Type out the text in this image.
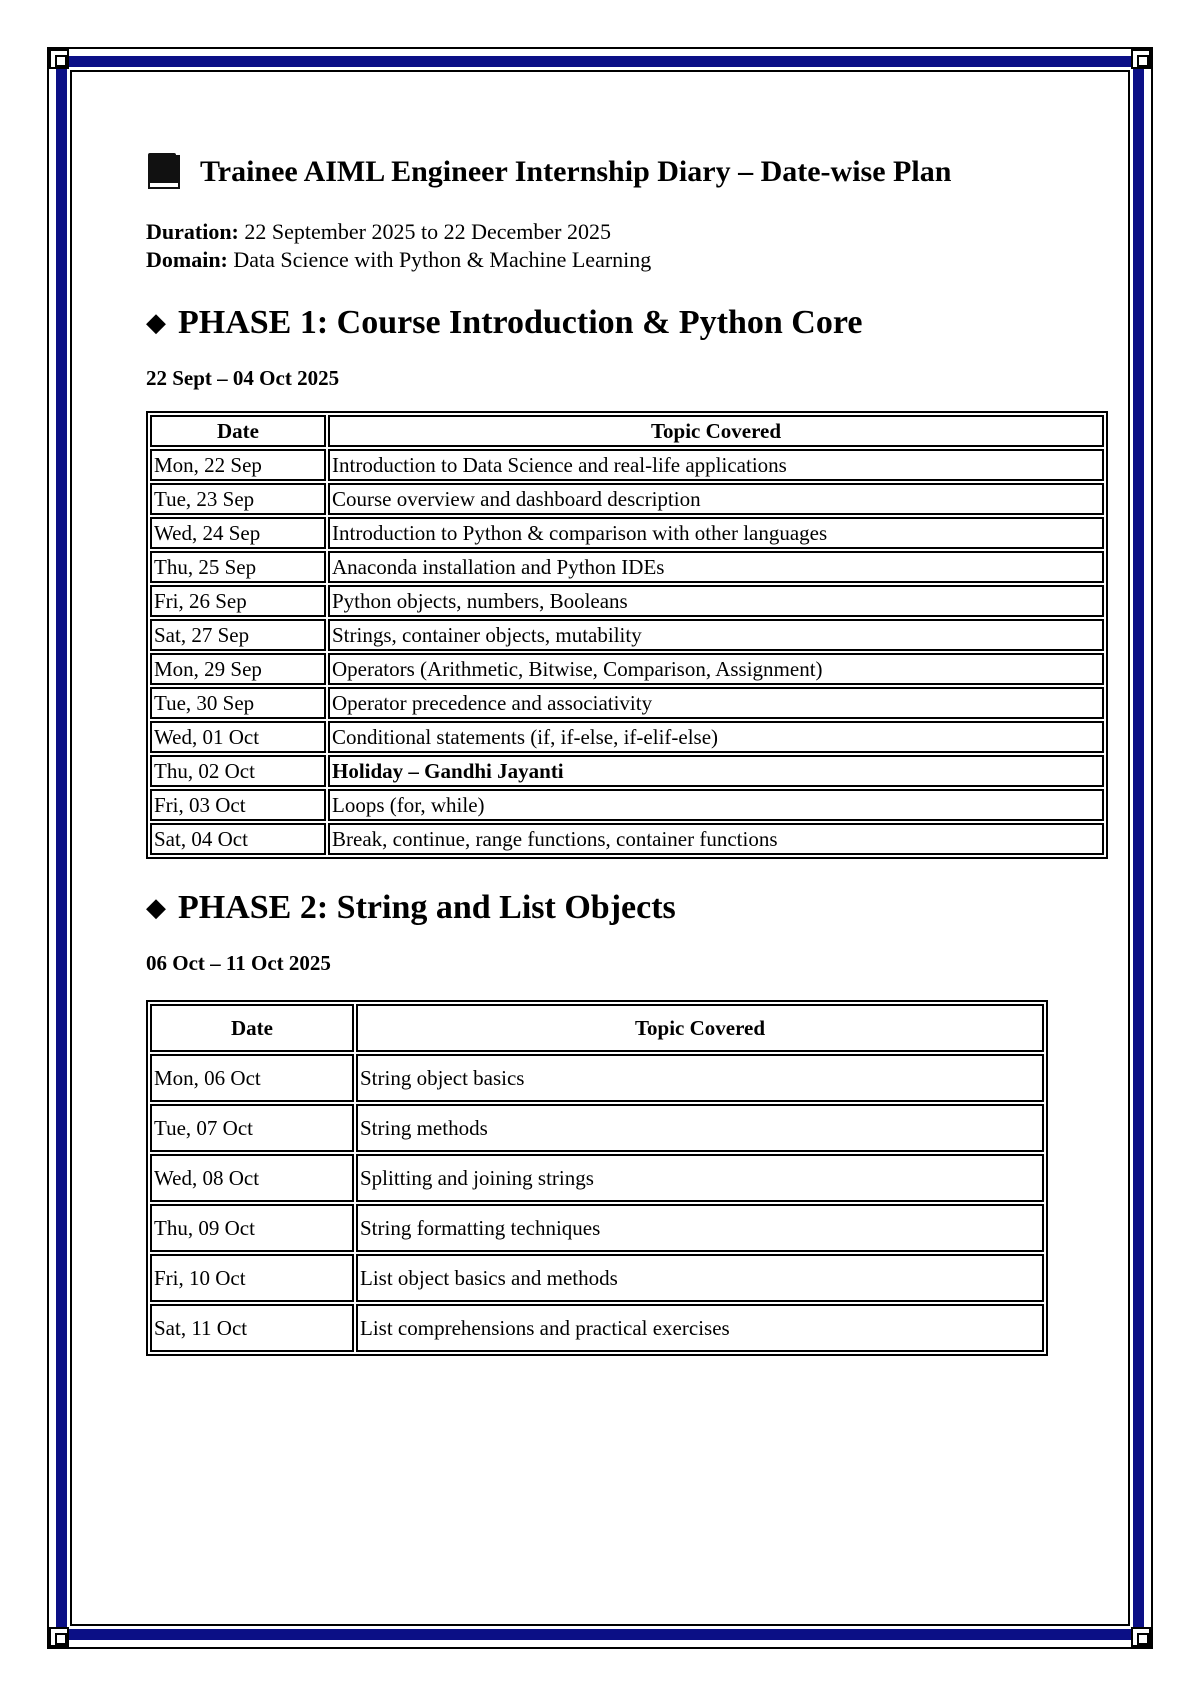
Trainee AIML Engineer Internship Diary – Date-wise Plan
Duration: 22 September 2025 to 22 December 2025
Domain: Data Science with Python & Machine Learning
◆ PHASE 1: Course Introduction & Python Core

22 Sept – 04 Oct 2025

Date	Topic Covered
Mon, 22 Sep	Introduction to Data Science and real-life applications
Tue, 23 Sep	Course overview and dashboard description
Wed, 24 Sep	Introduction to Python & comparison with other languages
Thu, 25 Sep	Anaconda installation and Python IDEs
Fri, 26 Sep	Python objects, numbers, Booleans
Sat, 27 Sep	Strings, container objects, mutability
Mon, 29 Sep	Operators (Arithmetic, Bitwise, Comparison, Assignment)
Tue, 30 Sep	Operator precedence and associativity
Wed, 01 Oct	Conditional statements (if, if-else, if-elif-else)
Thu, 02 Oct	Holiday – Gandhi Jayanti
Fri, 03 Oct	Loops (for, while)
Sat, 04 Oct	Break, continue, range functions, container functions
◆ PHASE 2: String and List Objects

06 Oct – 11 Oct 2025

Date	Topic Covered
Mon, 06 Oct	String object basics
Tue, 07 Oct	String methods
Wed, 08 Oct	Splitting and joining strings
Thu, 09 Oct	String formatting techniques
Fri, 10 Oct	List object basics and methods
Sat, 11 Oct	List comprehensions and practical exercises
